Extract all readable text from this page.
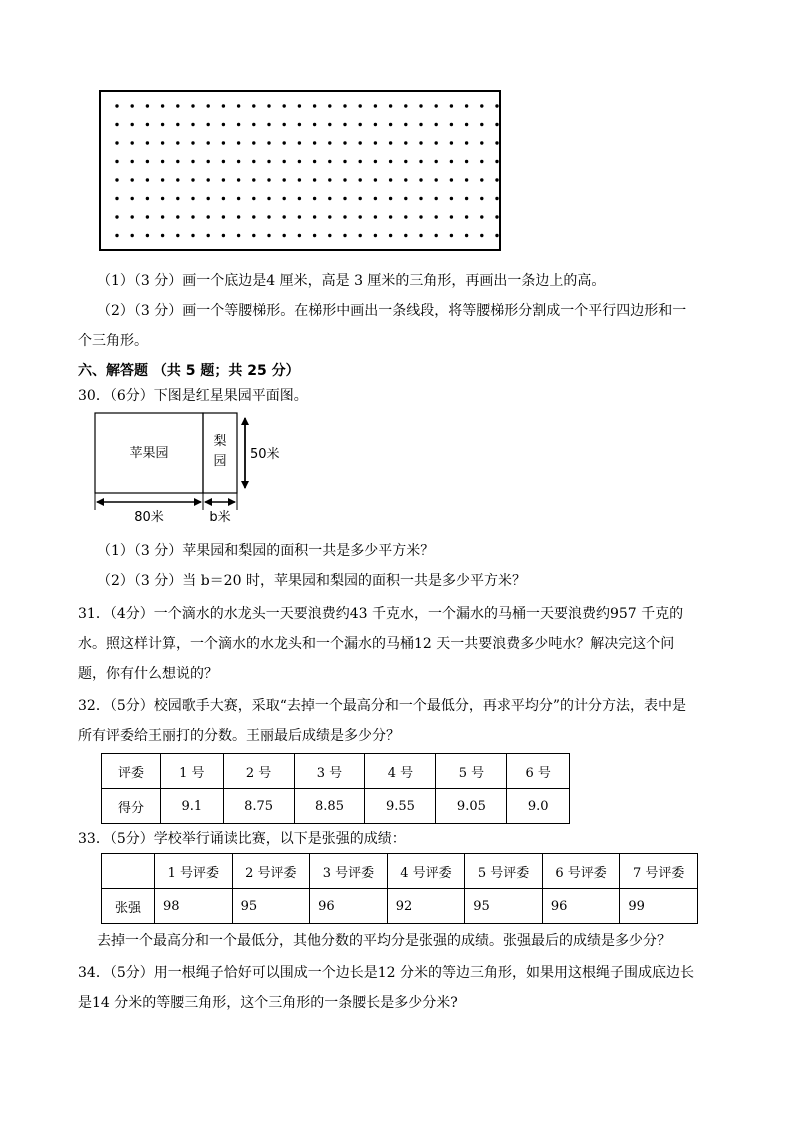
（1）（3 分）画一个底边是4 厘米，高是 3 厘米的三角形，再画出一条边上的高。
（2）（3 分）画一个等腰梯形。在梯形中画出一条线段，将等腰梯形分割成一个平行四边形和一
个三角形。
六、解答题 （共 5 题；共 25 分）
30．（6分）下图是红星果园平面图。
苹果园
梨
园 50米
80米	b米
（1）（3 分）苹果园和梨园的面积一共是多少平方米？
（2）（3 分）当 b＝20 时，苹果园和梨园的面积一共是多少平方米？
31．（4分）一个滴水的水龙头一天要浪费约43 千克水，一个漏水的马桶一天要浪费约957 千克的
水。照这样计算，一个滴水的水龙头和一个漏水的马桶12 天一共要浪费多少吨水？解决完这个问
题，你有什么想说的？
32．（5分）校园歌手大赛，采取“去掉一个最高分和一个最低分，再求平均分”的计分方法，表中是
所有评委给王丽打的分数。王丽最后成绩是多少分？
评委	1 号	2 号	3 号	4 号	5 号	6 号
得分	9.1	8.75	8.85	9.55	9.05	9.0
33．（5分）学校举行诵读比赛，以下是张强的成绩：
	1 号评委	2 号评委	3 号评委	4 号评委	5 号评委	6 号评委	7 号评委
张强	98	95	96	92	95	96	99
去掉一个最高分和一个最低分，其他分数的平均分是张强的成绩。张强最后的成绩是多少分？
34．（5分）用一根绳子恰好可以围成一个边长是12 分米的等边三角形，如果用这根绳子围成底边长
是14 分米的等腰三角形，这个三角形的一条腰长是多少分米?
